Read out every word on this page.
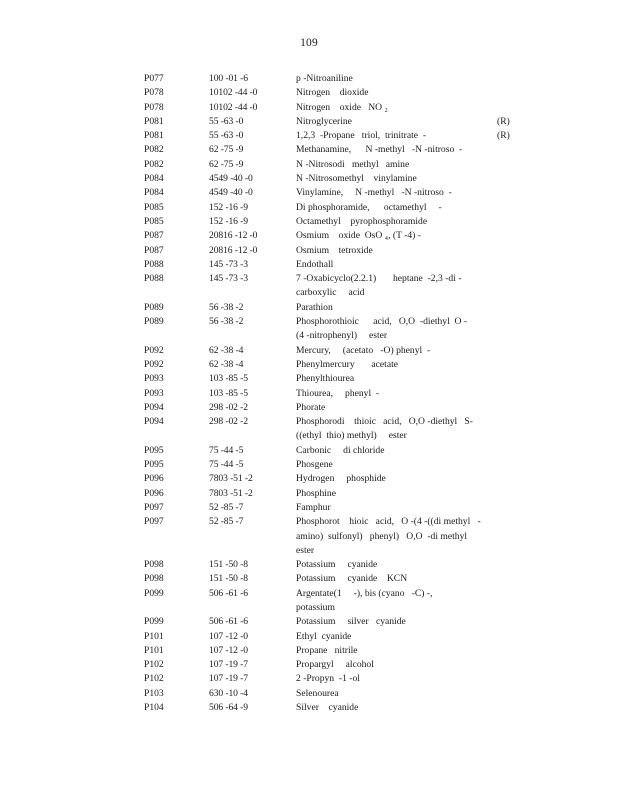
109
P077	100 -01 -6	p -Nitroaniline
P078	10102 -44 -0	Nitrogen    dioxide
P078	10102 -44 -0	Nitrogen    oxide   NO ₂
P081	55 -63 -0	Nitroglycerine	(R)
P081	55 -63 -0	1,2,3  -Propane   triol,  trinitrate  -	(R)
P082	62 -75 -9	Methanamine,      N -methyl   -N -nitroso  -
P082	62 -75 -9	N -Nitrosodi   methyl   amine
P084	4549 -40 -0	N -Nitrosomethyl    vinylamine
P084	4549 -40 -0	Vinylamine,     N -methyl   -N -nitroso  -
P085	152 -16 -9	Di phosphoramide,      octamethyl     -
P085	152 -16 -9	Octamethyl    pyrophosphoramide
P087	20816 -12 -0	Osmium    oxide  OsO ₄, (T -4) -
P087	20816 -12 -0	Osmium    tetroxide
P088	145 -73 -3	Endothall
P088	145 -73 -3	7 -Oxabicyclo(2.2.1)       heptane  -2,3 -di -
carboxylic     acid
P089	56 -38 -2	Parathion
P089	56 -38 -2	Phosphorothioic      acid,   O,O  -diethyl  O -
(4 -nitrophenyl)     ester
P092	62 -38 -4	Mercury,     (acetato   -O) phenyl  -
P092	62 -38 -4	Phenylmercury       acetate
P093	103 -85 -5	Phenylthiourea
P093	103 -85 -5	Thiourea,     phenyl  -
P094	298 -02 -2	Phorate
P094	298 -02 -2	Phosphorodi    thioic   acid,   O,O -diethyl   S-
((ethyl  thio) methyl)     ester
P095	75 -44 -5	Carbonic     di chloride
P095	75 -44 -5	Phosgene
P096	7803 -51 -2	Hydrogen     phosphide
P096	7803 -51 -2	Phosphine
P097	52 -85 -7	Famphur
P097	52 -85 -7	Phosphorot    hioic   acid,   O -(4 -((di methyl   -
amino)  sulfonyl)   phenyl)   O,O  -di methyl
ester
P098	151 -50 -8	Potassium     cyanide
P098	151 -50 -8	Potassium     cyanide    KCN
P099	506 -61 -6	Argentate(1     -), bis (cyano   -C) -,
potassium
P099	506 -61 -6	Potassium     silver   cyanide
P101	107 -12 -0	Ethyl  cyanide
P101	107 -12 -0	Propane   nitrile
P102	107 -19 -7	Propargyl     alcohol
P102	107 -19 -7	2 -Propyn  -1 -ol
P103	630 -10 -4	Selenourea
P104	506 -64 -9	Silver    cyanide
